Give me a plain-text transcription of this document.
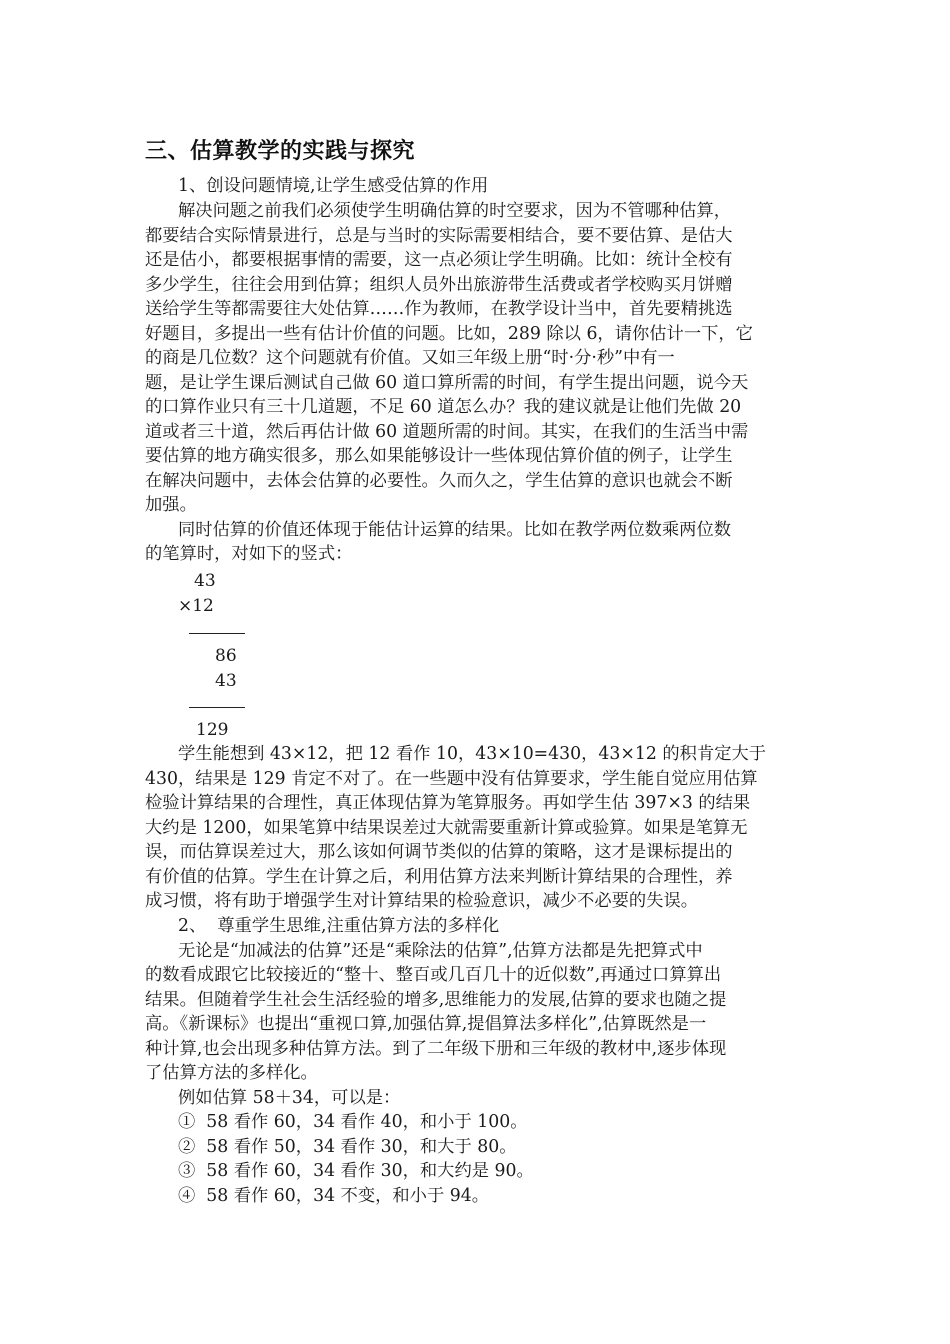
三、估算教学的实践与探究
1、创设问题情境,让学生感受估算的作用
解决问题之前我们必须使学生明确估算的时空要求，因为不管哪种估算，
都要结合实际情景进行，总是与当时的实际需要相结合，要不要估算、是估大
还是估小，都要根据事情的需要，这一点必须让学生明确。比如：统计全校有
多少学生，往往会用到估算；组织人员外出旅游带生活费或者学校购买月饼赠
送给学生等都需要往大处估算……作为教师，在教学设计当中，首先要精挑选
好题目，多提出一些有估计价值的问题。比如，289 除以 6，请你估计一下，它
的商是几位数？这个问题就有价值。又如三年级上册“时·分·秒”中有一
题，是让学生课后测试自己做 60 道口算所需的时间，有学生提出问题，说今天
的口算作业只有三十几道题，不足 60 道怎么办？我的建议就是让他们先做 20
道或者三十道，然后再估计做 60 道题所需的时间。其实，在我们的生活当中需
要估算的地方确实很多，那么如果能够设计一些体现估算价值的例子，让学生
在解决问题中，去体会估算的必要性。久而久之，学生估算的意识也就会不断
加强。
同时估算的价值还体现于能估计运算的结果。比如在教学两位数乘两位数
的笔算时，对如下的竖式：
43
×12
86
43
129
学生能想到 43×12，把 12 看作 10，43×10=430，43×12 的积肯定大于
430，结果是 129 肯定不对了。在一些题中没有估算要求，学生能自觉应用估算
检验计算结果的合理性，真正体现估算为笔算服务。再如学生估 397×3 的结果
大约是 1200，如果笔算中结果误差过大就需要重新计算或验算。如果是笔算无
误，而估算误差过大，那么该如何调节类似的估算的策略，这才是课标提出的
有价值的估算。学生在计算之后，利用估算方法来判断计算结果的合理性，养
成习惯，将有助于增强学生对计算结果的检验意识，减少不必要的失误。
2、  尊重学生思维,注重估算方法的多样化
无论是“加减法的估算”还是“乘除法的估算”,估算方法都是先把算式中
的数看成跟它比较接近的“整十、整百或几百几十的近似数”,再通过口算算出
结果。但随着学生社会生活经验的增多,思维能力的发展,估算的要求也随之提
高。《新课标》也提出“重视口算,加强估算,提倡算法多样化”,估算既然是一
种计算,也会出现多种估算方法。到了二年级下册和三年级的教材中,逐步体现
了估算方法的多样化。
例如估算 58＋34，可以是：
①  58 看作 60，34 看作 40，和小于 100。
②  58 看作 50，34 看作 30，和大于 80。
③  58 看作 60，34 看作 30，和大约是 90。
④  58 看作 60，34 不变，和小于 94。
